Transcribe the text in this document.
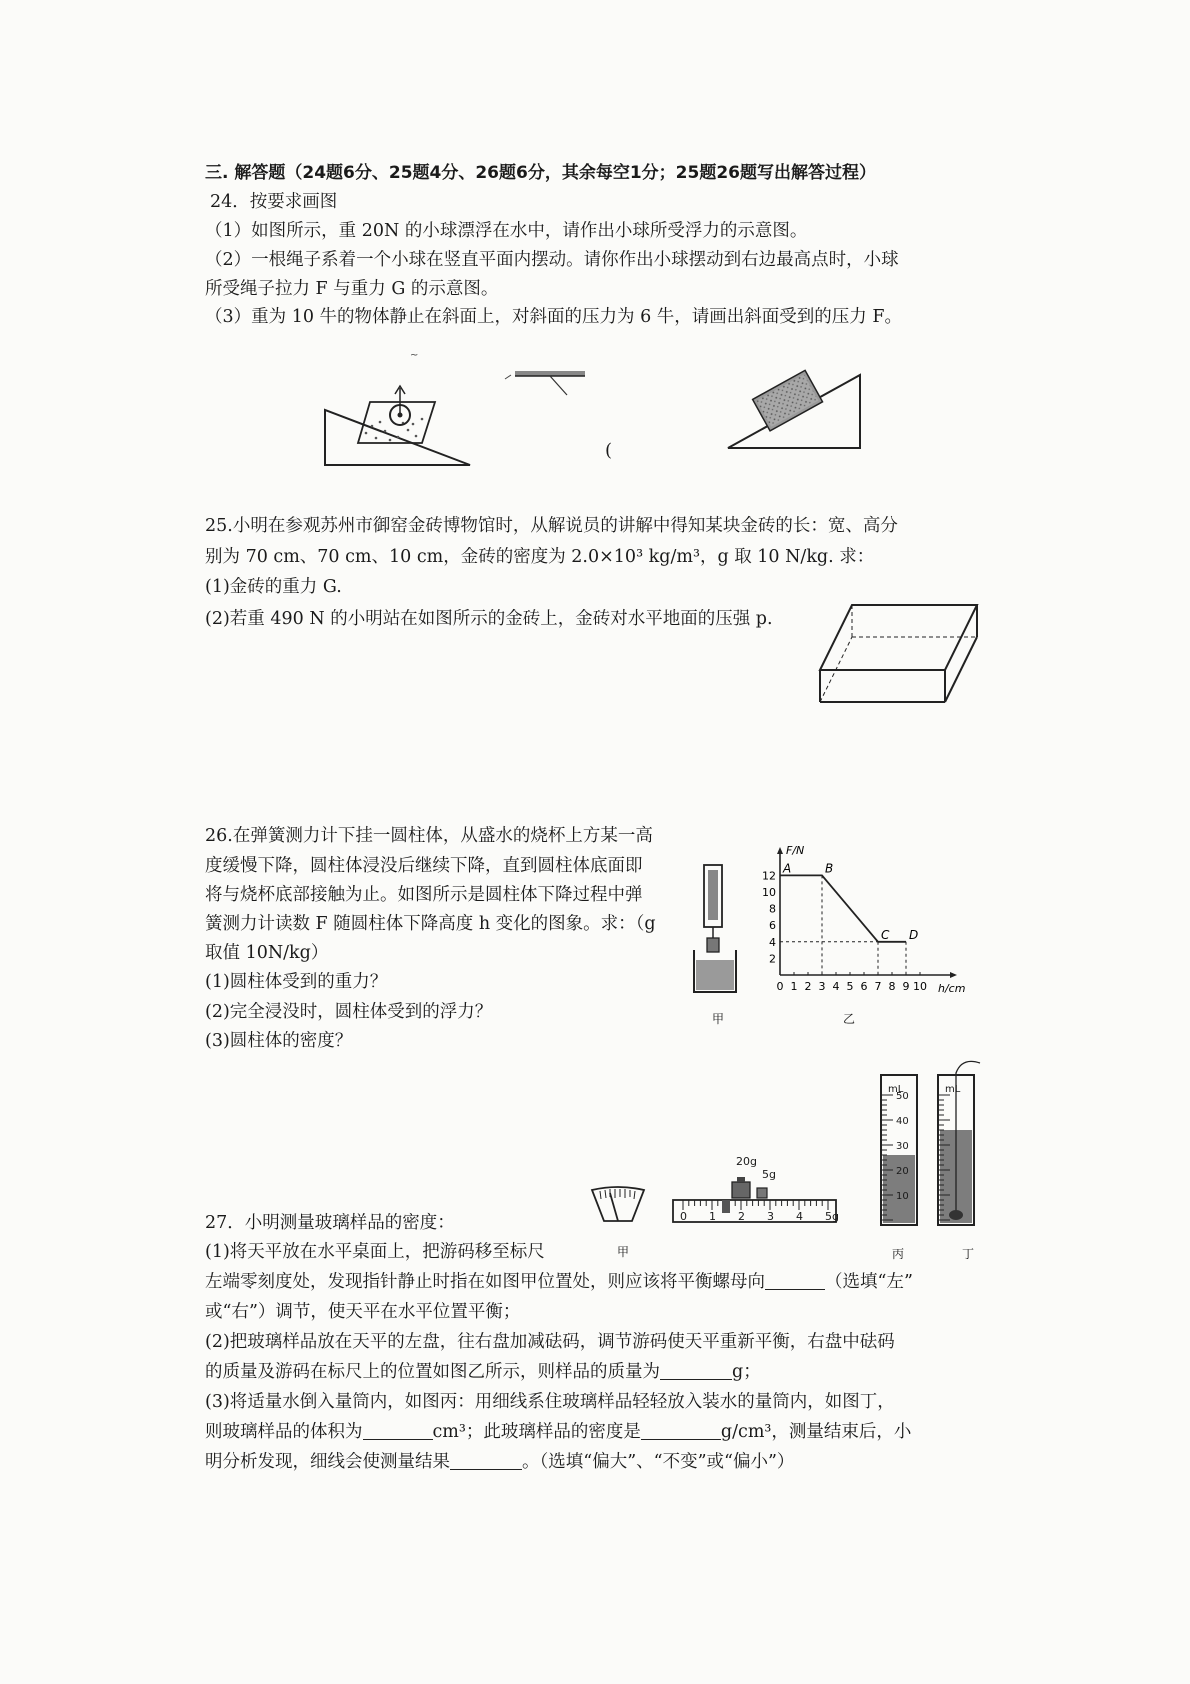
三. 解答题（24题6分、25题4分、26题6分，其余每空1分；25题26题写出解答过程）
24．按要求画图
（1）如图所示，重 20N 的小球漂浮在水中，请作出小球所受浮力的示意图。
（2）一根绳子系着一个小球在竖直平面内摆动。请你作出小球摆动到右边最高点时，小球
所受绳子拉力 F 与重力 G 的示意图。
（3）重为 10 牛的物体静止在斜面上，对斜面的压力为 6 牛，请画出斜面受到的压力 F。
~
(
25.小明在参观苏州市御窑金砖博物馆时，从解说员的讲解中得知某块金砖的长：宽、高分
别为 70 cm、70 cm、10 cm，金砖的密度为 2.0×10³ kg/m³，g 取 10 N/kg. 求：
(1)金砖的重力 G.
(2)若重 490 N 的小明站在如图所示的金砖上，金砖对水平地面的压强 p.
26.在弹簧测力计下挂一圆柱体，从盛水的烧杯上方某一高
度缓慢下降，圆柱体浸没后继续下降，直到圆柱体底面即
将与烧杯底部接触为止。如图所示是圆柱体下降过程中弹
簧测力计读数 F 随圆柱体下降高度 h 变化的图象。求：（g
取值 10N/kg）
(1)圆柱体受到的重力？
(2)完全浸没时，圆柱体受到的浮力？
(3)圆柱体的密度？
甲
F/N
h/cm
12
10
8
6
4
2
0 1 2 3 4 5 6 7 8 9 10
A	B
C D
乙
甲
20g
5g
0 1 2 3 4 5g
mL
50
40
30
20
10
丙
mL
丁
27．小明测量玻璃样品的密度：
(1)将天平放在水平桌面上，把游码移至标尺
左端零刻度处，发现指针静止时指在如图甲位置处，则应该将平衡螺母向	（选填“左”
或“右”）调节，使天平在水平位置平衡；
(2)把玻璃样品放在天平的左盘，往右盘加减砝码，调节游码使天平重新平衡，右盘中砝码
的质量及游码在标尺上的位置如图乙所示，则样品的质量为	g；
(3)将适量水倒入量筒内，如图丙：用细线系住玻璃样品轻轻放入装水的量筒内，如图丁，
则玻璃样品的体积为	cm³；此玻璃样品的密度是	g/cm³，测量结束后，小
明分析发现，细线会使测量结果	。（选填“偏大”、“不变”或“偏小”）
